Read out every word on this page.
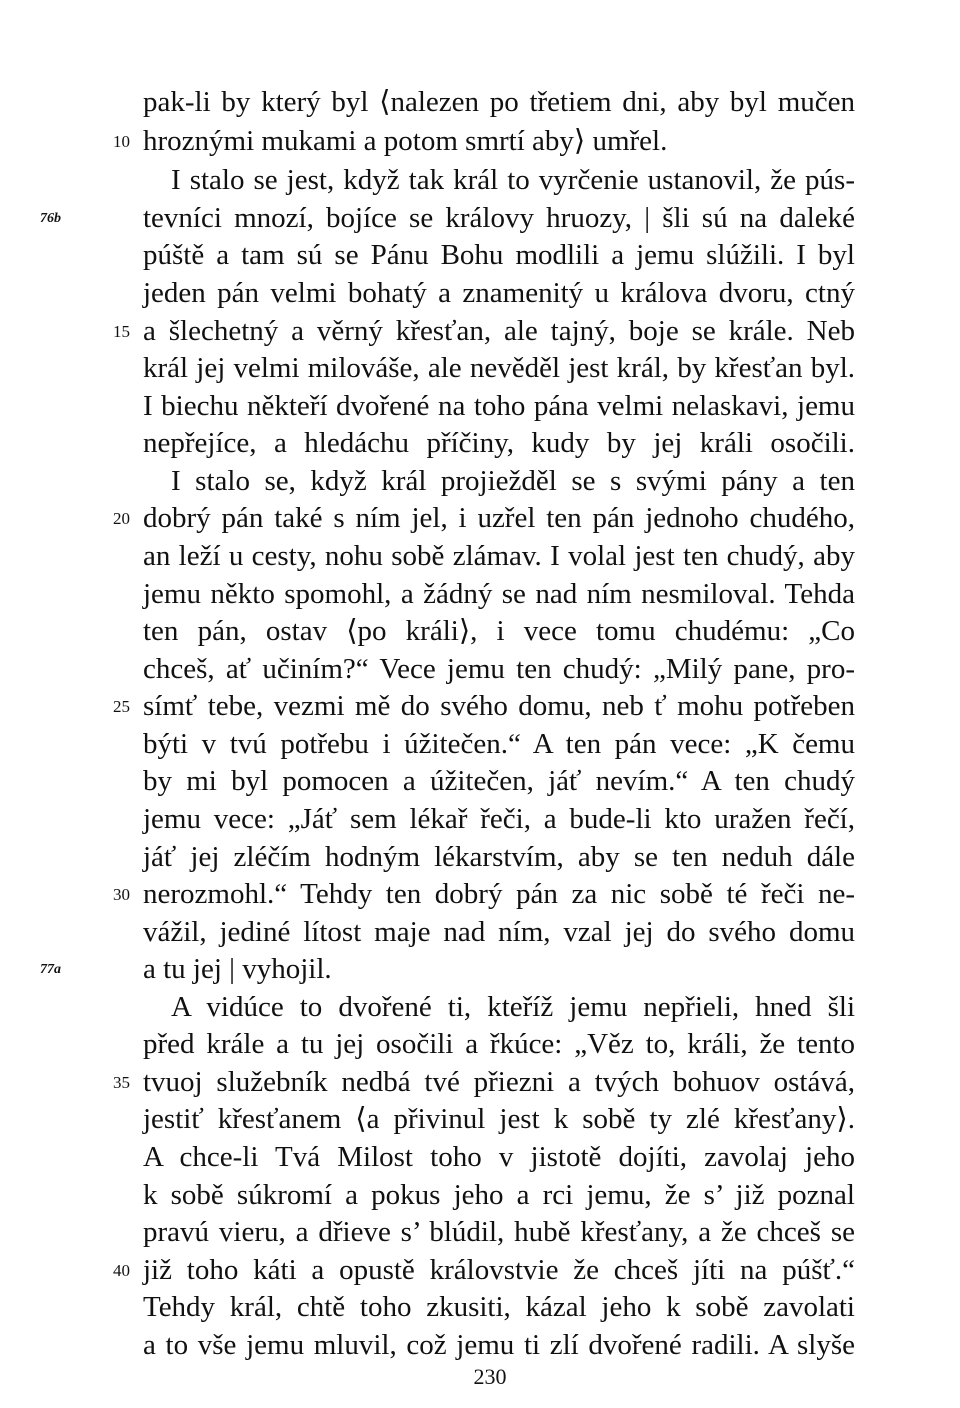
pak-li by který byl ⟨nalezen po třetiem dni, aby byl mučen
hroznými mukami a potom smrtí aby⟩ umřel.
I stalo se jest, když tak král to vyrčenie ustanovil, že pús-
tevníci mnozí, bojíce se královy hruozy, | šli sú na daleké
púště a tam sú se Pánu Bohu modlili a jemu slúžili. I byl
jeden pán velmi bohatý a znamenitý u králova dvoru, ctný
a šlechetný a věrný křesťan, ale tajný, boje se krále. Neb
král jej velmi milováše, ale nevěděl jest král, by křesťan byl.
I biechu někteří dvořené na toho pána velmi nelaskavi, jemu
nepřejíce, a hledáchu příčiny, kudy by jej králi osočili.
I stalo se, když král projiežděl se s svými pány a ten
dobrý pán také s ním jel, i uzřel ten pán jednoho chudého,
an leží u cesty, nohu sobě zlámav. I volal jest ten chudý, aby
jemu někto spomohl, a žádný se nad ním nesmiloval. Tehda
ten pán, ostav ⟨po králi⟩, i vece tomu chudému: „Co
chceš, ať učiním?“ Vece jemu ten chudý: „Milý pane, pro-
símť tebe, vezmi mě do svého domu, neb ť mohu potřeben
býti v tvú potřebu i úžitečen.“ A ten pán vece: „K čemu
by mi byl pomocen a úžitečen, jáť nevím.“ A ten chudý
jemu vece: „Jáť sem lékař řeči, a bude-li kto uražen řečí,
jáť jej zléčím hodným lékarstvím, aby se ten neduh dále
nerozmohl.“ Tehdy ten dobrý pán za nic sobě té řeči ne-
vážil, jediné lítost maje nad ním, vzal jej do svého domu
a tu jej | vyhojil.
A vidúce to dvořené ti, kteříž jemu nepřieli, hned šli
před krále a tu jej osočili a řkúce: „Věz to, králi, že tento
tvuoj služebník nedbá tvé přiezni a tvých bohuov ostává,
jestiť křesťanem ⟨a přivinul jest k sobě ty zlé křesťany⟩.
A chce-li Tvá Milost toho v jistotě dojíti, zavolaj jeho
k sobě súkromí a pokus jeho a rci jemu, že s’ již poznal
pravú vieru, a dřieve s’ blúdil, hubě křesťany, a že chceš se
již toho káti a opustě královstvie že chceš jíti na púšť.“
Tehdy král, chtě toho zkusiti, kázal jeho k sobě zavolati
10
15
20
25
30
35
40
76b
77a
230
a to vše jemu mluvil, což jemu ti zlí dvořené radili. A slyše
